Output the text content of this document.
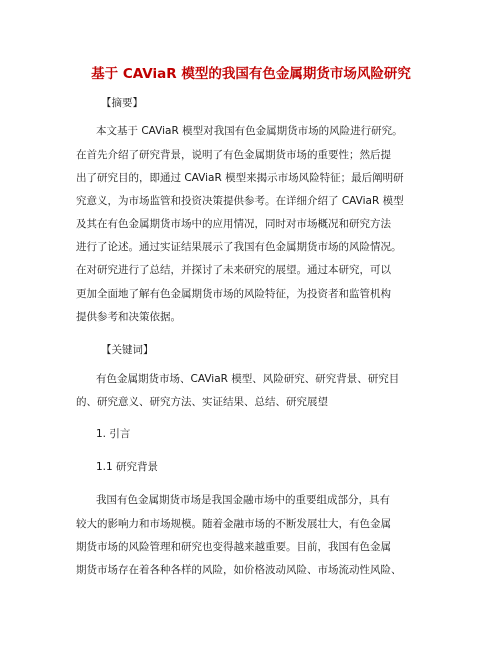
基于 CAViaR 模型的我国有色金属期货市场风险研究
【摘要】
本文基于 CAViaR 模型对我国有色金属期货市场的风险进行研究。
在首先介绍了研究背景，说明了有色金属期货市场的重要性；然后提
出了研究目的，即通过 CAViaR 模型来揭示市场风险特征；最后阐明研
究意义，为市场监管和投资决策提供参考。在详细介绍了 CAViaR 模型
及其在有色金属期货市场中的应用情况，同时对市场概况和研究方法
进行了论述。通过实证结果展示了我国有色金属期货市场的风险情况。
在对研究进行了总结，并探讨了未来研究的展望。通过本研究，可以
更加全面地了解有色金属期货市场的风险特征，为投资者和监管机构
提供参考和决策依据。
【关键词】
有色金属期货市场、CAViaR 模型、风险研究、研究背景、研究目
的、研究意义、研究方法、实证结果、总结、研究展望
1. 引言
1.1 研究背景
我国有色金属期货市场是我国金融市场中的重要组成部分，具有
较大的影响力和市场规模。随着金融市场的不断发展壮大，有色金属
期货市场的风险管理和研究也变得越来越重要。目前，我国有色金属
期货市场存在着各种各样的风险，如价格波动风险、市场流动性风险、
